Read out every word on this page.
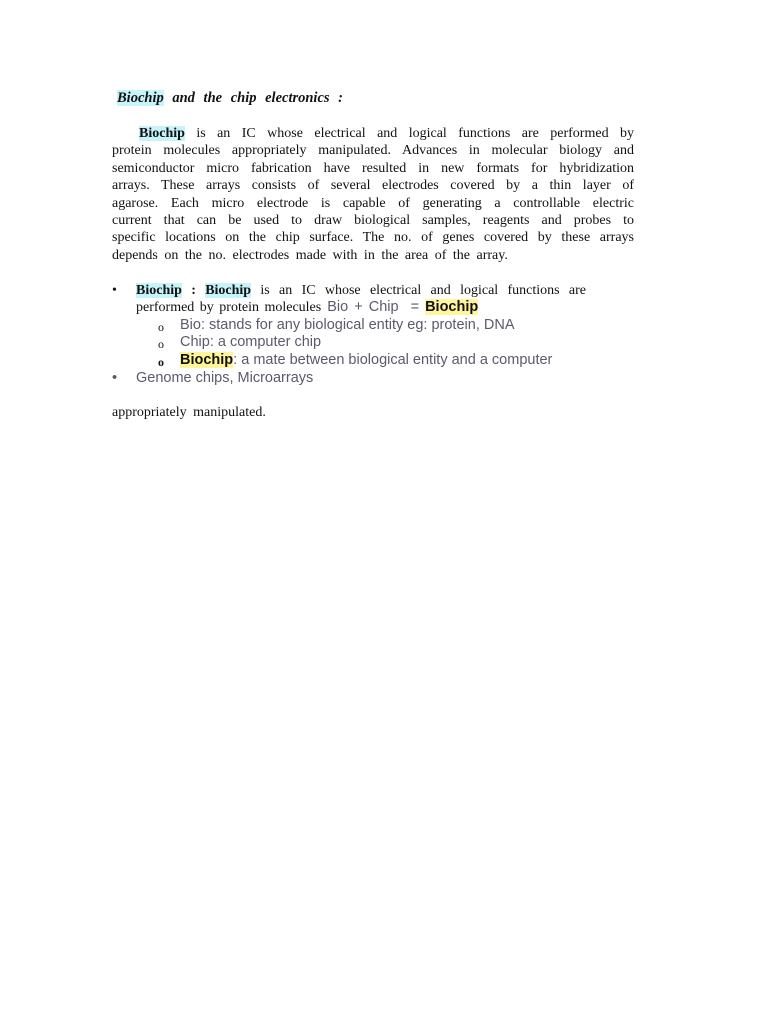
Biochip and the chip electronics :
Biochip is an IC whose electrical and logical functions are performed by
protein molecules appropriately manipulated. Advances in molecular biology and
semiconductor micro fabrication have resulted in new formats for hybridization
arrays. These arrays consists of several electrodes covered by a thin layer of
agarose. Each micro electrode is capable of generating a controllable electric
current that can be used to draw biological samples, reagents and probes to
specific locations on the chip surface. The no. of genes covered by these arrays
depends on the no. electrodes made with in the area of the array.
• Biochip : Biochip is an IC whose electrical and logical functions are
performed by protein molecules Bio + Chip = Biochip
o Bio: stands for any biological entity eg: protein, DNA
o Chip: a computer chip
o Biochip: a mate between biological entity and a computer
• Genome chips, Microarrays
appropriately manipulated.
